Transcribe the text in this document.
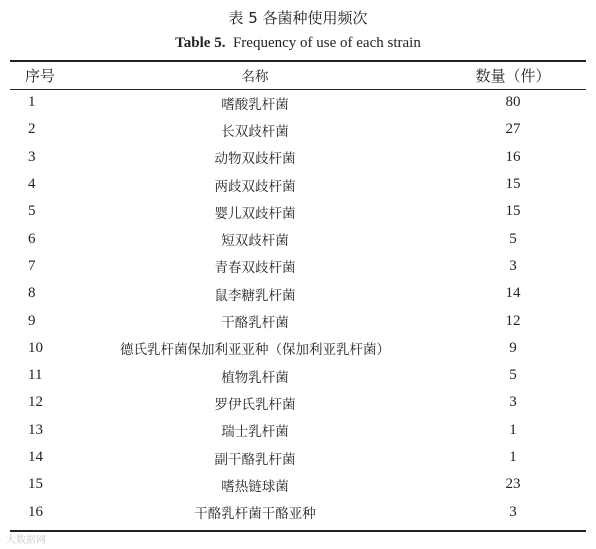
表 5 各菌种使用频次
Table 5. Frequency of use of each strain
序号	名称	数量（件）
1	嗜酸乳杆菌	80
2	长双歧杆菌	27
3	动物双歧杆菌	16
4	两歧双歧杆菌	15
5	婴儿双歧杆菌	15
6	短双歧杆菌	5
7	青春双歧杆菌	3
8	鼠李糖乳杆菌	14
9	干酪乳杆菌	12
10	德氏乳杆菌保加利亚亚种（保加利亚乳杆菌）	9
11	植物乳杆菌	5
12	罗伊氏乳杆菌	3
13	瑞士乳杆菌	1
14	副干酪乳杆菌	1
15	嗜热链球菌	23
16	干酪乳杆菌干酪亚种	3
大数据网
